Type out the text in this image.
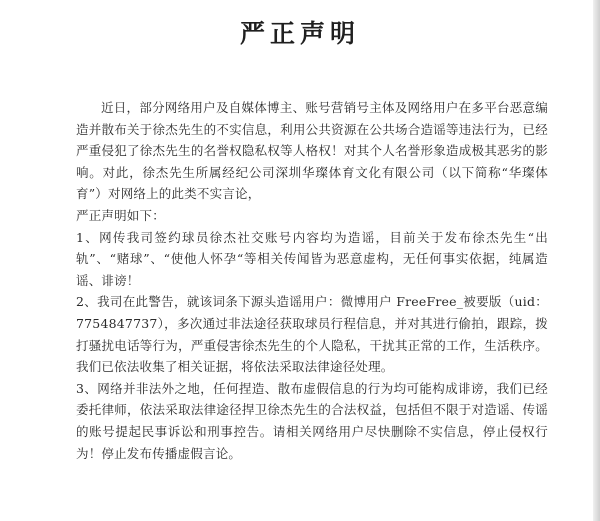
严正声明

近日，部分网络用户及自媒体博主、账号营销号主体及网络用户在多平台恶意编造并散布关于徐杰先生的不实信息，利用公共资源在公共场合造谣等违法行为，已经严重侵犯了徐杰先生的名誉权隐私权等人格权！对其个人名誉形象造成极其恶劣的影响。对此，徐杰先生所属经纪公司深圳华璨体育文化有限公司（以下简称“华璨体育”）对网络上的此类不实言论，

严正声明如下：

1、网传我司签约球员徐杰社交账号内容均为造谣，目前关于发布徐杰先生“出轨”、“赌球”、“使他人怀孕“等相关传闻皆为恶意虚构，无任何事实依据，纯属造谣、诽谤！

2、我司在此警告，就该词条下源头造谣用户：微博用户 FreeFree_被要版（uid：7754847737），多次通过非法途径获取球员行程信息，并对其进行偷拍，跟踪，拨打骚扰电话等行为，严重侵害徐杰先生的个人隐私，干扰其正常的工作，生活秩序。我们已依法收集了相关证据，将依法采取法律途径处理。

3、网络并非法外之地，任何捏造、散布虚假信息的行为均可能构成诽谤，我们已经委托律师，依法采取法律途径捍卫徐杰先生的合法权益，包括但不限于对造谣、传谣的账号提起民事诉讼和刑事控告。请相关网络用户尽快删除不实信息，停止侵权行为！停止发布传播虚假言论。
